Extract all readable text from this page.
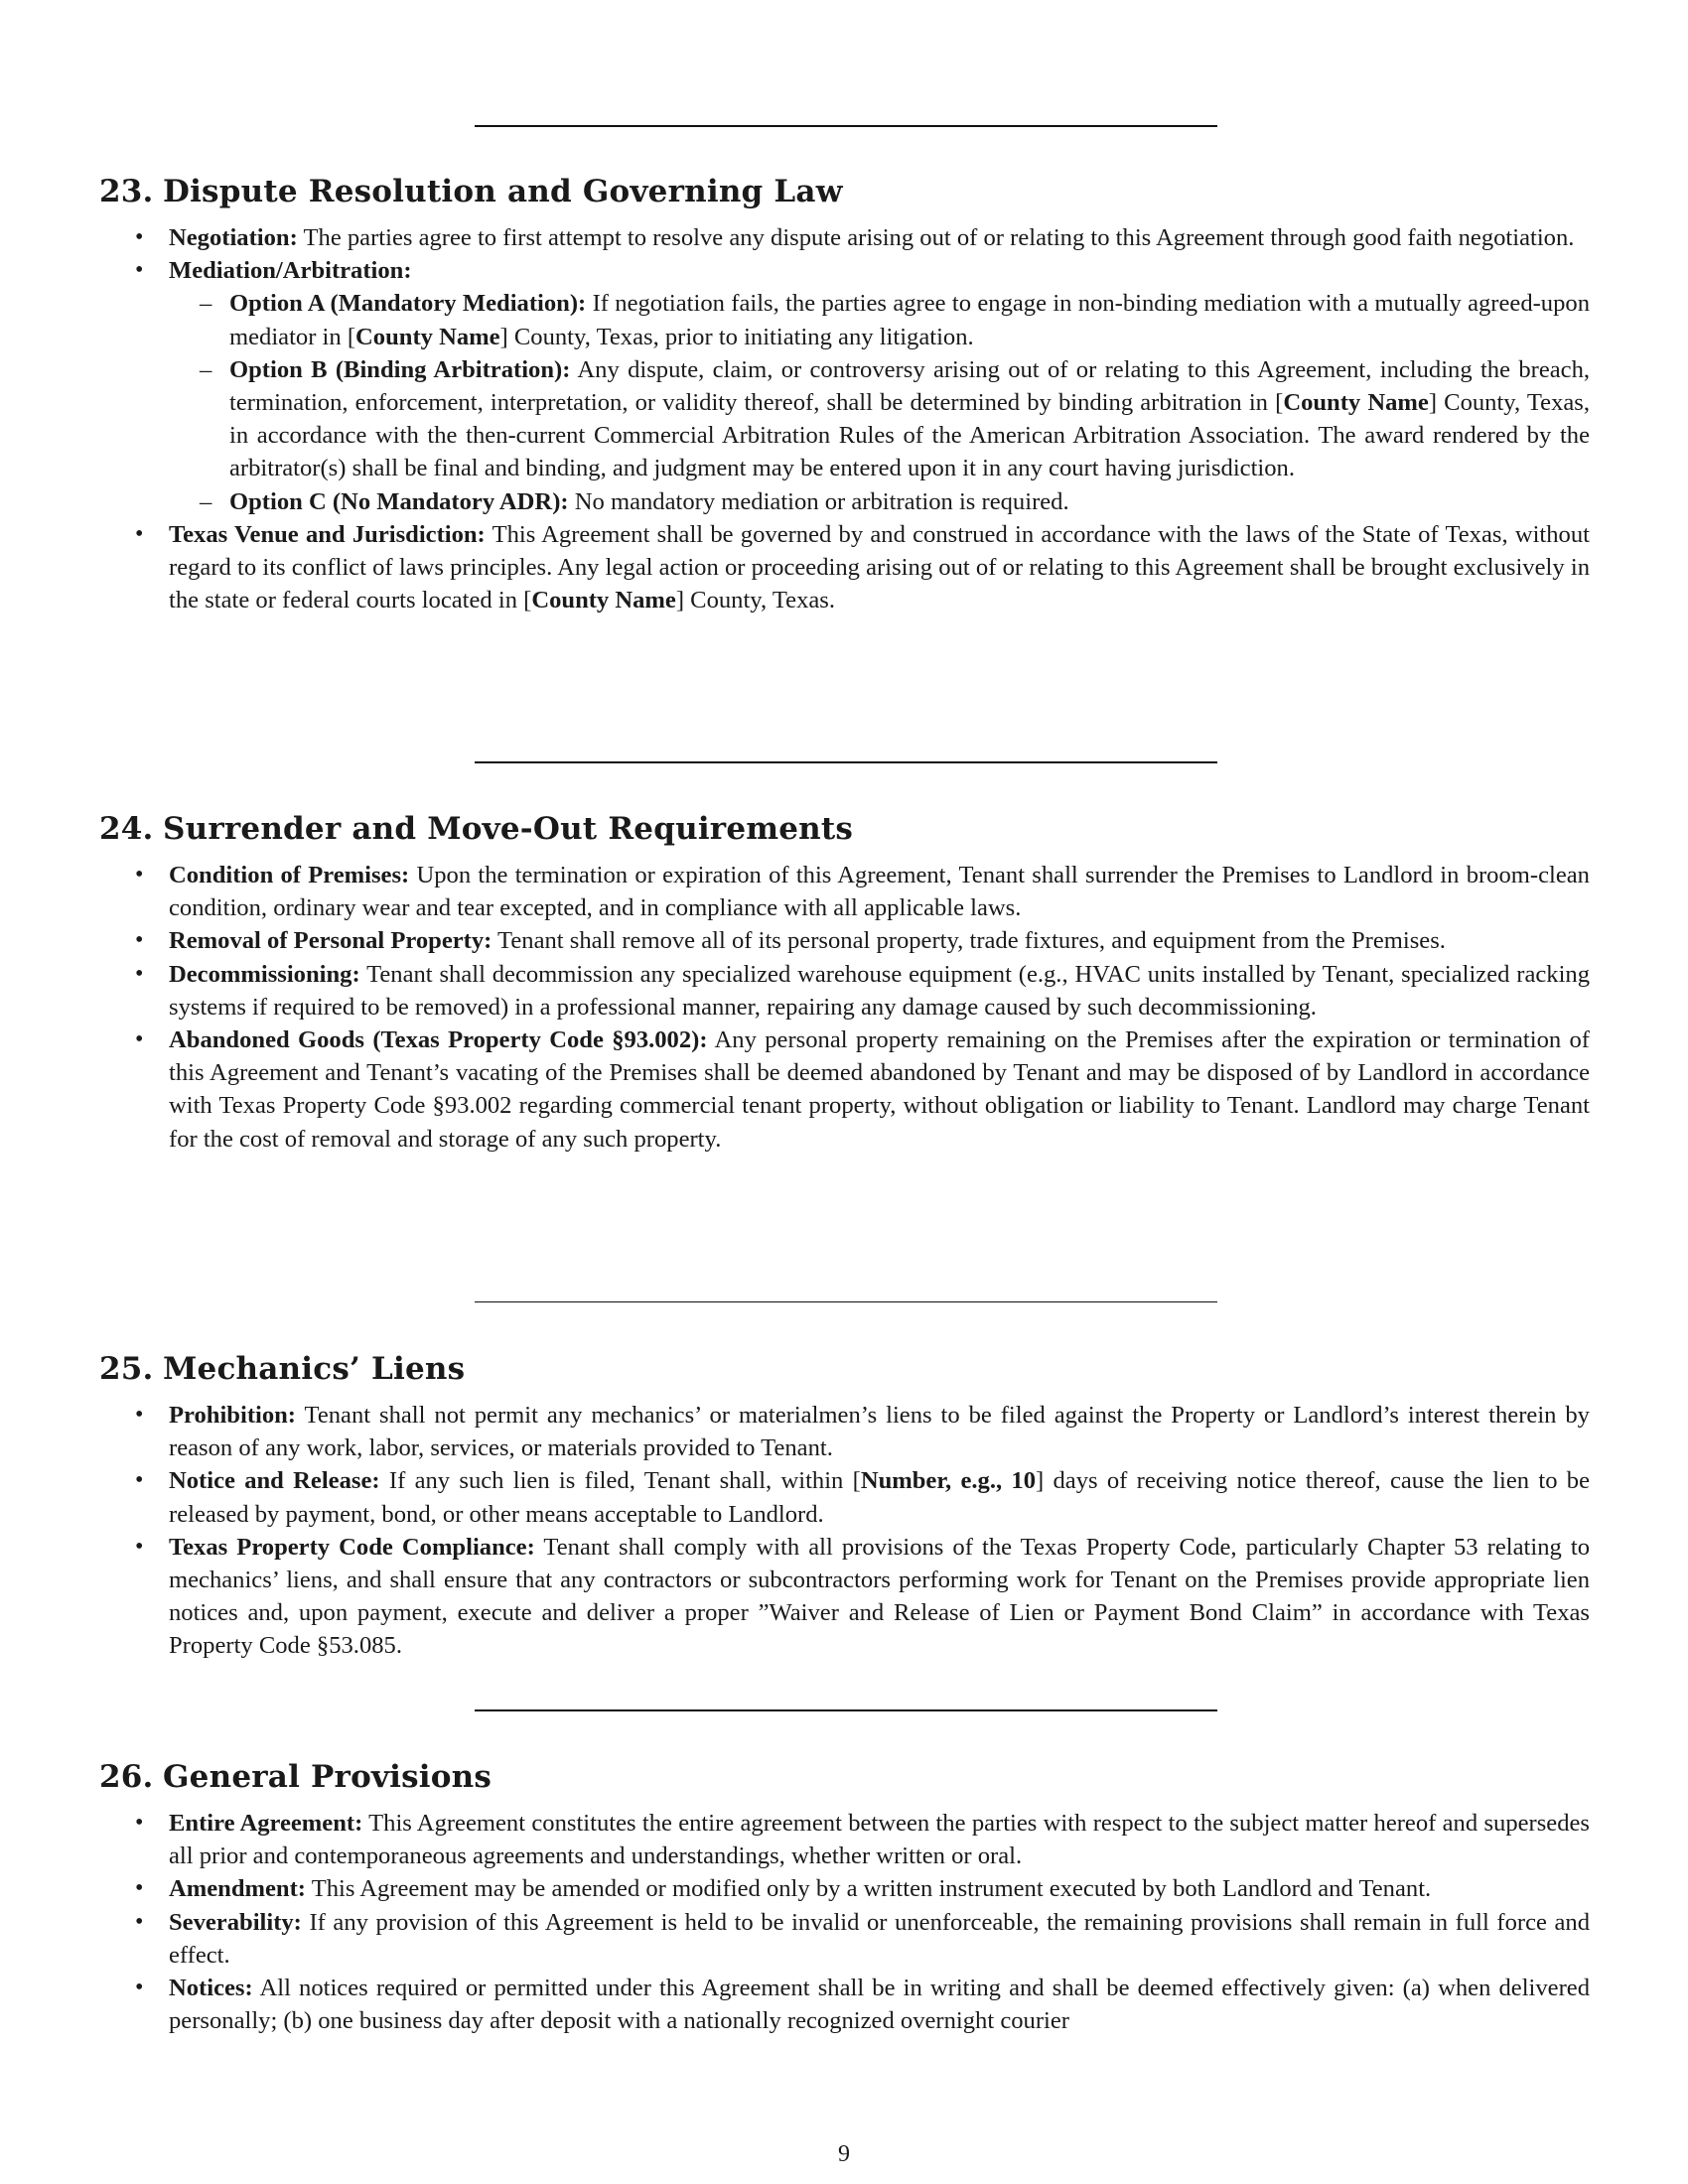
23. Dispute Resolution and Governing Law
• Negotiation: The parties agree to first attempt to resolve any dispute arising out of or relating to this Agreement through good faith negotiation.
• Mediation/Arbitration:
– Option A (Mandatory Mediation): If negotiation fails, the parties agree to engage in non-binding mediation with a mutually agreed-upon mediator in [County Name] County, Texas, prior to initiating any litigation.
– Option B (Binding Arbitration): Any dispute, claim, or controversy arising out of or relating to this Agreement, including the breach, termination, enforcement, interpretation, or validity thereof, shall be determined by binding arbitration in [County Name] County, Texas, in accordance with the then-current Commercial Arbitration Rules of the American Arbitration Association. The award rendered by the arbitrator(s) shall be final and binding, and judgment may be entered upon it in any court having jurisdiction.
– Option C (No Mandatory ADR): No mandatory mediation or arbitration is required.
• Texas Venue and Jurisdiction: This Agreement shall be governed by and construed in accordance with the laws of the State of Texas, without regard to its conflict of laws principles. Any legal action or proceeding arising out of or relating to this Agreement shall be brought exclusively in the state or federal courts located in [County Name] County, Texas.
24. Surrender and Move-Out Requirements
• Condition of Premises: Upon the termination or expiration of this Agreement, Tenant shall surrender the Premises to Landlord in broom-clean condition, ordinary wear and tear excepted, and in compliance with all applicable laws.
• Removal of Personal Property: Tenant shall remove all of its personal property, trade fixtures, and equipment from the Premises.
• Decommissioning: Tenant shall decommission any specialized warehouse equipment (e.g., HVAC units installed by Tenant, specialized racking systems if required to be removed) in a professional manner, repairing any damage caused by such decommissioning.
• Abandoned Goods (Texas Property Code §93.002): Any personal property remaining on the Premises after the expiration or termination of this Agreement and Tenant’s vacating of the Premises shall be deemed abandoned by Tenant and may be disposed of by Landlord in accordance with Texas Property Code §93.002 regarding commercial tenant property, without obligation or liability to Tenant. Landlord may charge Tenant for the cost of removal and storage of any such property.
25. Mechanics’ Liens
• Prohibition: Tenant shall not permit any mechanics’ or materialmen’s liens to be filed against the Property or Landlord’s interest therein by reason of any work, labor, services, or materials provided to Tenant.
• Notice and Release: If any such lien is filed, Tenant shall, within [Number, e.g., 10] days of receiving notice thereof, cause the lien to be released by payment, bond, or other means acceptable to Landlord.
• Texas Property Code Compliance: Tenant shall comply with all provisions of the Texas Property Code, particularly Chapter 53 relating to mechanics’ liens, and shall ensure that any contractors or subcontractors performing work for Tenant on the Premises provide appropriate lien notices and, upon payment, execute and deliver a proper ”Waiver and Release of Lien or Payment Bond Claim” in accordance with Texas Property Code §53.085.
26. General Provisions
• Entire Agreement: This Agreement constitutes the entire agreement between the parties with respect to the subject matter hereof and supersedes all prior and contemporaneous agreements and understandings, whether written or oral.
• Amendment: This Agreement may be amended or modified only by a written instrument executed by both Landlord and Tenant.
• Severability: If any provision of this Agreement is held to be invalid or unenforceable, the remaining provisions shall remain in full force and effect.
• Notices: All notices required or permitted under this Agreement shall be in writing and shall be deemed effectively given: (a) when delivered personally; (b) one business day after deposit with a nationally recognized overnight courier
9
